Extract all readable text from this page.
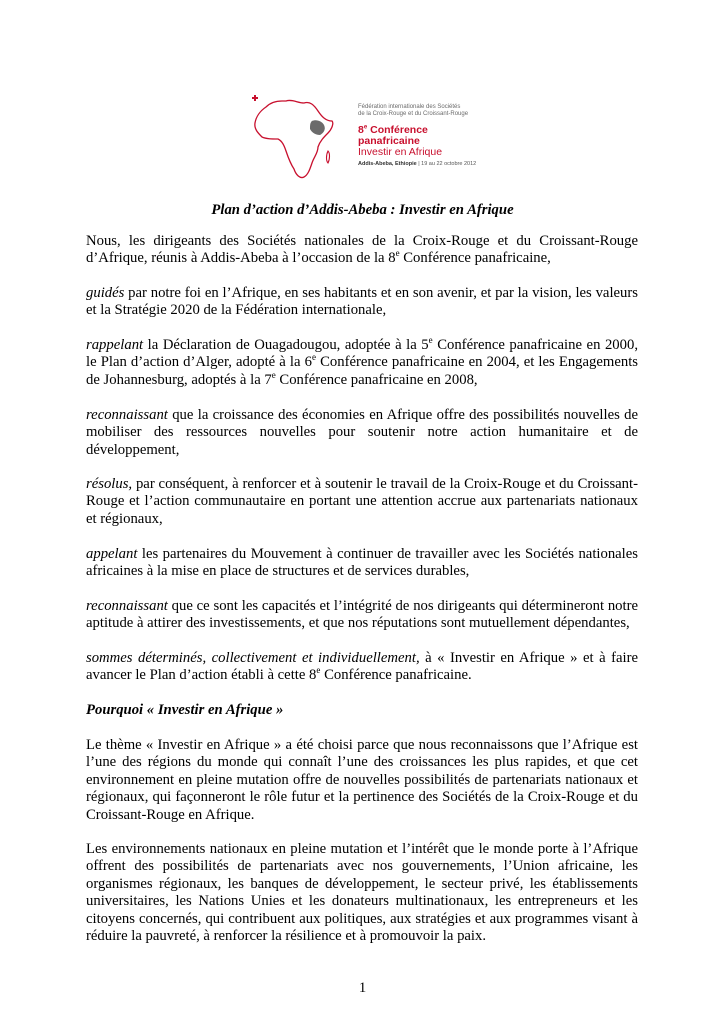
Fédération internationale des Sociétés
de la Croix-Rouge et du Croissant-Rouge
8e Conférence panafricaine
Investir en Afrique
Addis-Abeba, Ethiopie | 19 au 22 octobre 2012
Plan d’action d’Addis-Abeba : Investir en Afrique

Nous, les dirigeants des Sociétés nationales de la Croix-Rouge et du Croissant-Rouge d’Afrique, réunis à Addis-Abeba à l’occasion de la 8e Conférence panafricaine,

guidés par notre foi en l’Afrique, en ses habitants et en son avenir, et par la vision, les valeurs et la Stratégie 2020 de la Fédération internationale,

rappelant la Déclaration de Ouagadougou, adoptée à la 5e Conférence panafricaine en 2000, le Plan d’action d’Alger, adopté à la 6e Conférence panafricaine en 2004, et les Engagements de Johannesburg, adoptés à la 7e Conférence panafricaine en 2008,

reconnaissant que la croissance des économies en Afrique offre des possibilités nouvelles de mobiliser des ressources nouvelles pour soutenir notre action humanitaire et de développement,

résolus, par conséquent, à renforcer et à soutenir le travail de la Croix-Rouge et du Croissant-Rouge et l’action communautaire en portant une attention accrue aux partenariats nationaux et régionaux,

appelant les partenaires du Mouvement à continuer de travailler avec les Sociétés nationales africaines à la mise en place de structures et de services durables,

reconnaissant que ce sont les capacités et l’intégrité de nos dirigeants qui détermineront notre aptitude à attirer des investissements, et que nos réputations sont mutuellement dépendantes,

sommes déterminés, collectivement et individuellement, à « Investir en Afrique » et à faire avancer le Plan d’action établi à cette 8e Conférence panafricaine.

Pourquoi « Investir en Afrique »

Le thème « Investir en Afrique » a été choisi parce que nous reconnaissons que l’Afrique est l’une des régions du monde qui connaît l’une des croissances les plus rapides, et que cet environnement en pleine mutation offre de nouvelles possibilités de partenariats nationaux et régionaux, qui façonneront le rôle futur et la pertinence des Sociétés de la Croix-Rouge et du Croissant-Rouge en Afrique.

Les environnements nationaux en pleine mutation et l’intérêt que le monde porte à l’Afrique offrent des possibilités de partenariats avec nos gouvernements, l’Union africaine, les organismes régionaux, les banques de développement, le secteur privé, les établissements universitaires, les Nations Unies et les donateurs multinationaux, les entrepreneurs et les citoyens concernés, qui contribuent aux politiques, aux stratégies et aux programmes visant à réduire la pauvreté, à renforcer la résilience et à promouvoir la paix.

1
